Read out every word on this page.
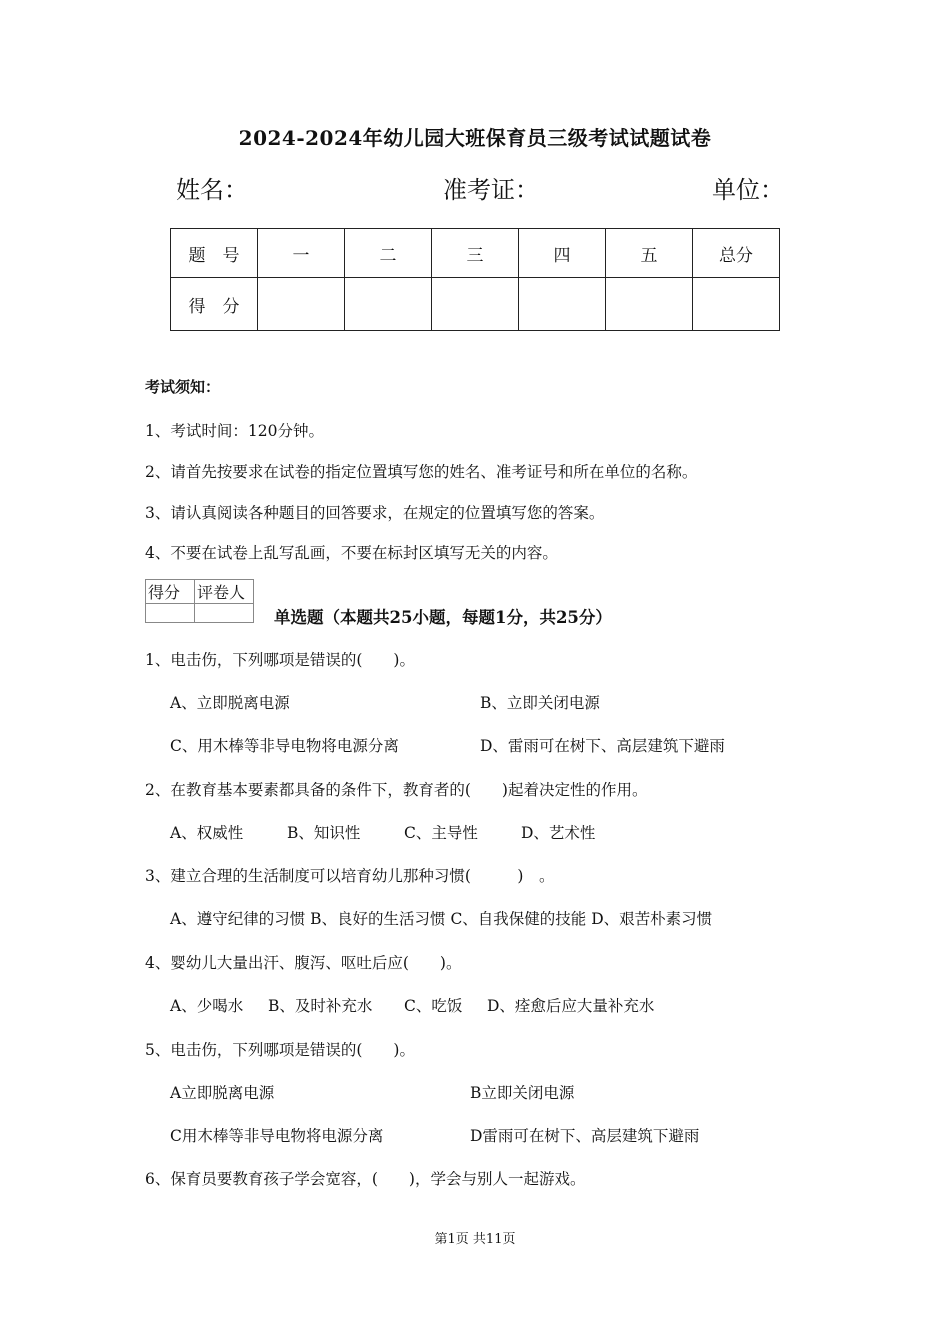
2024-2024年幼儿园大班保育员三级考试试题试卷
姓名：	准考证：	单位：
题　号	一	二	三	四	五	总分
得　分						
考试须知：
1、考试时间：120分钟。
2、请首先按要求在试卷的指定位置填写您的姓名、准考证号和所在单位的名称。
3、请认真阅读各种题目的回答要求，在规定的位置填写您的答案。
4、不要在试卷上乱写乱画，不要在标封区填写无关的内容。
得分	评卷人

单选题（本题共25小题，每题1分，共25分）
1、电击伤，下列哪项是错误的(　　)。
A、立即脱离电源	B、立即关闭电源
C、用木棒等非导电物将电源分离	D、雷雨可在树下、高层建筑下避雨
2、在教育基本要素都具备的条件下，教育者的(　　)起着决定性的作用。
A、权威性	B、知识性	C、主导性	D、艺术性
3、建立合理的生活制度可以培育幼儿那种习惯(　　　)　。
A、遵守纪律的习惯 B、良好的生活习惯 C、自我保健的技能 D、艰苦朴素习惯
4、婴幼儿大量出汗、腹泻、呕吐后应(　　)。
A、少喝水 B、及时补充水 C、吃饭 D、痊愈后应大量补充水
5、电击伤，下列哪项是错误的(　　)。
A立即脱离电源	B立即关闭电源
C用木棒等非导电物将电源分离	D雷雨可在树下、高层建筑下避雨
6、保育员要教育孩子学会宽容，(　　)，学会与别人一起游戏。
第1页 共11页
